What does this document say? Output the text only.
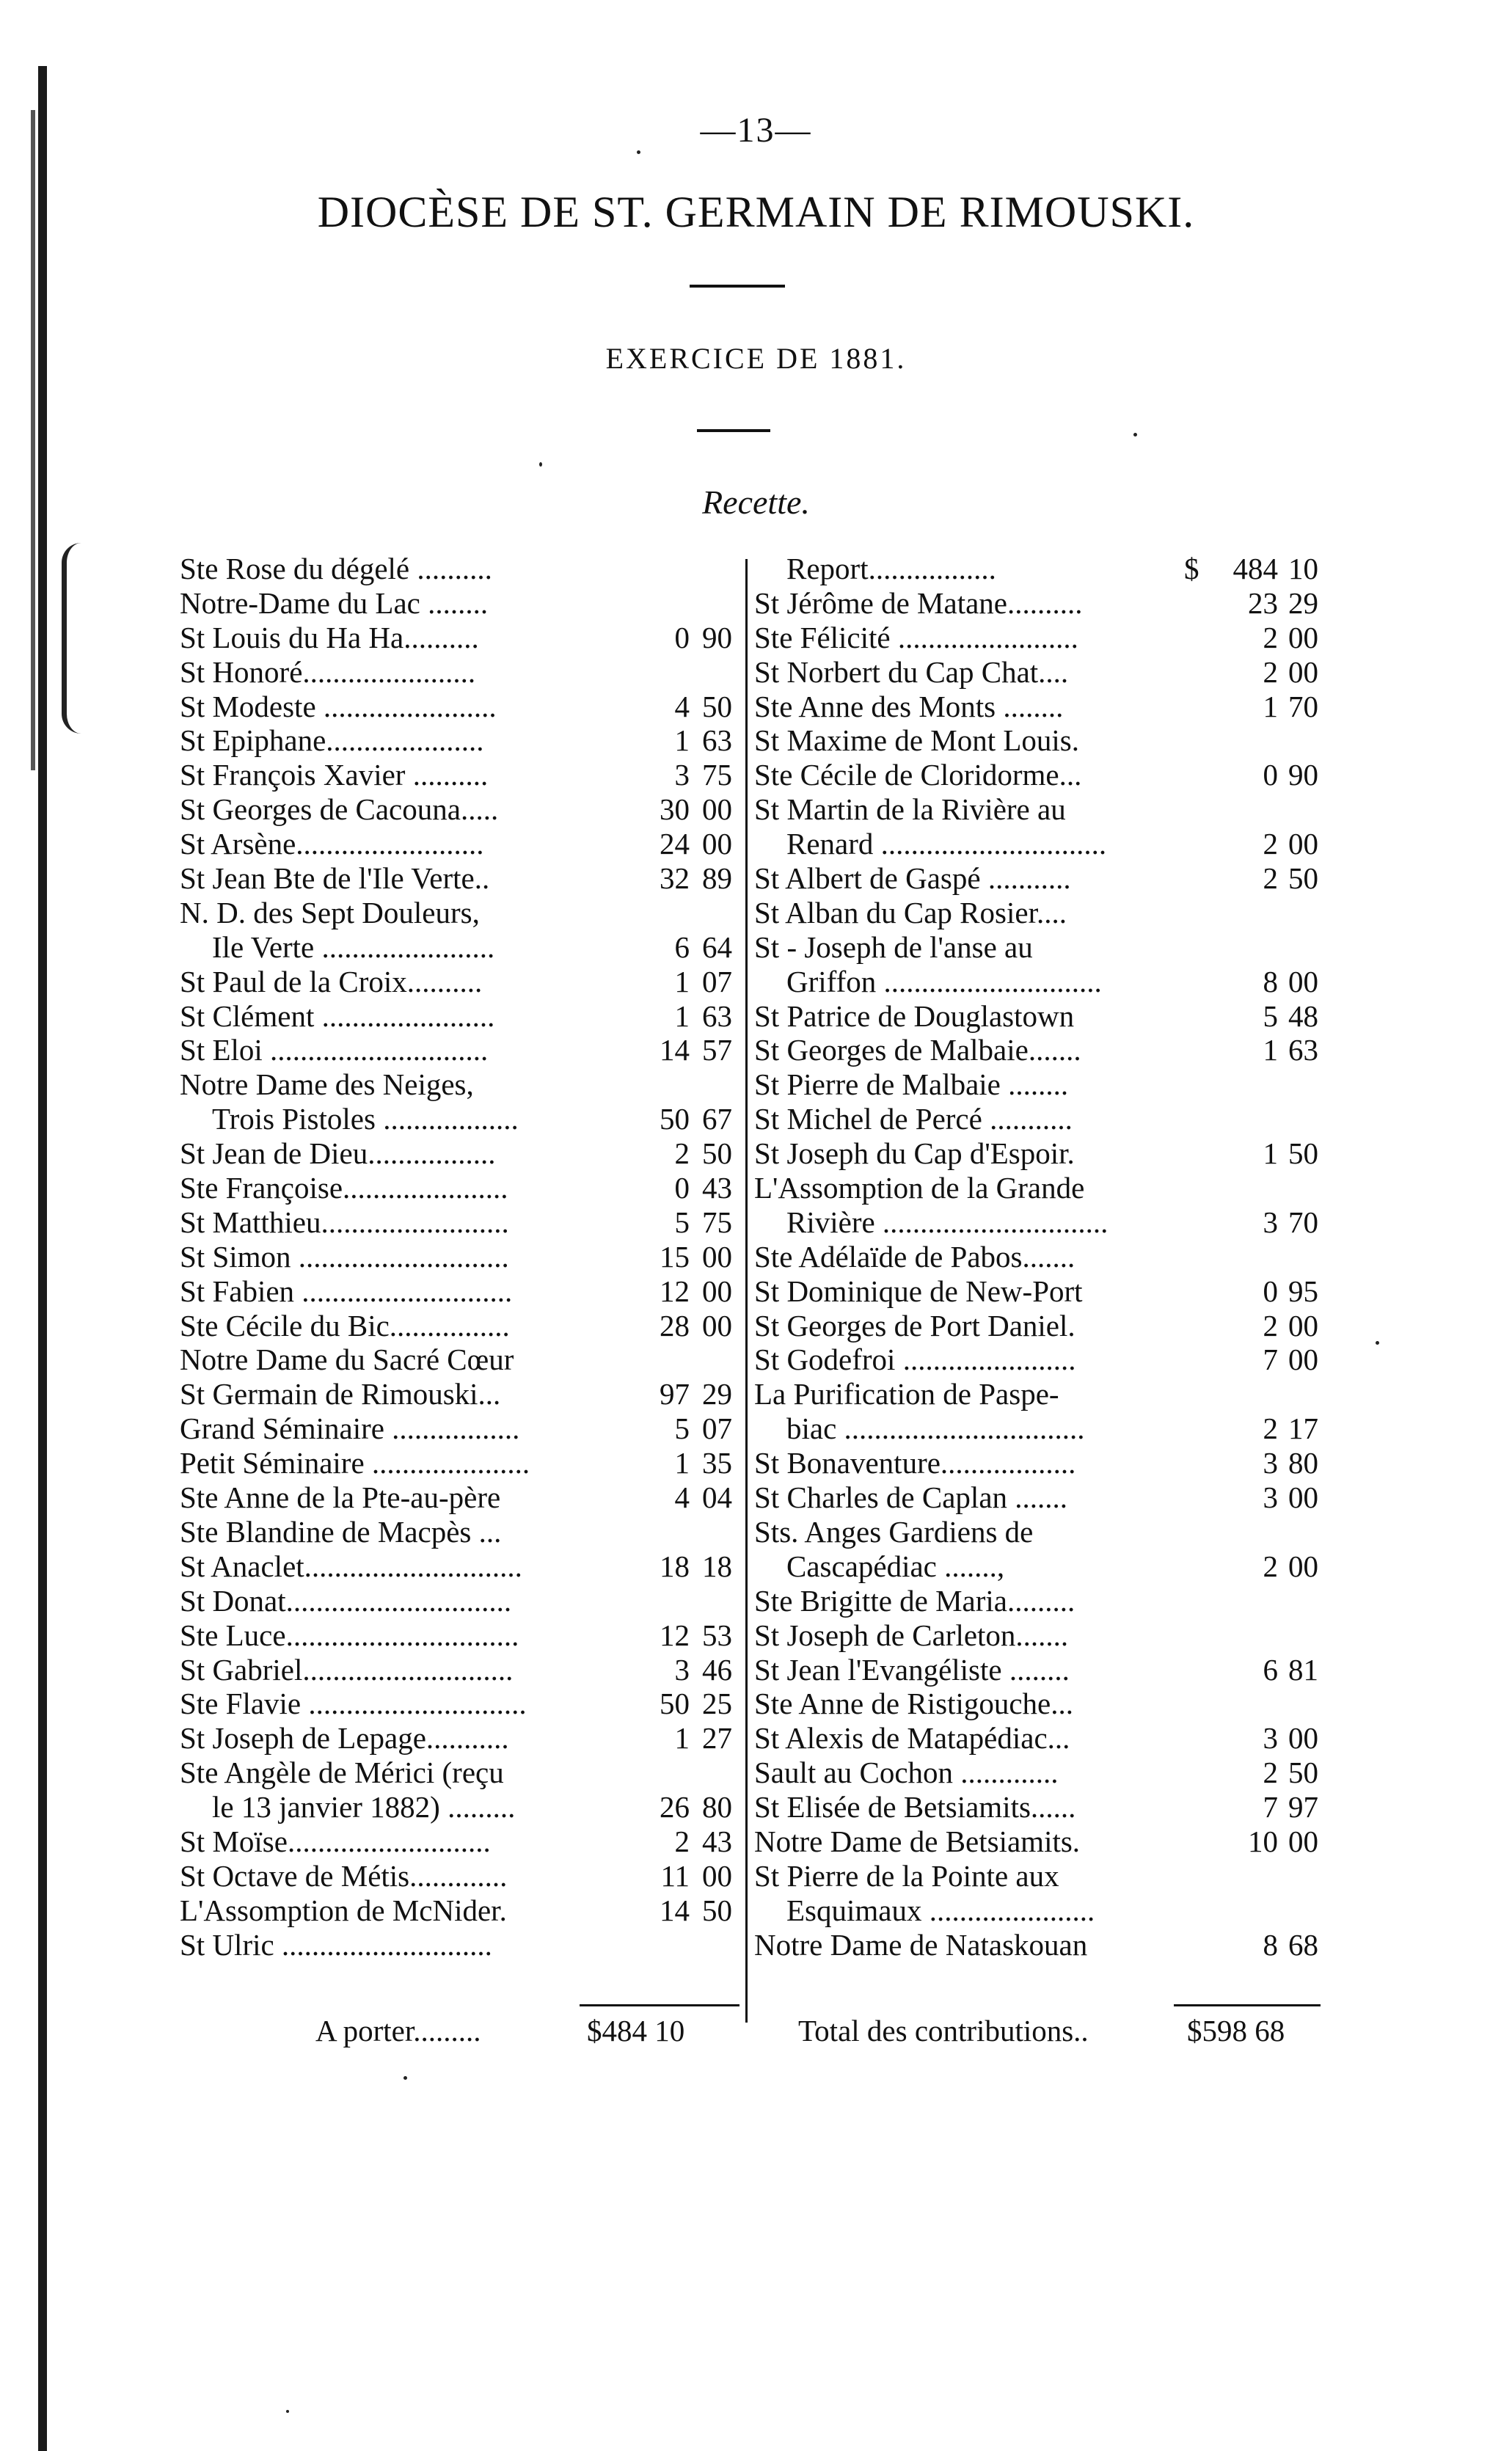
—13—
DIOCÈSE DE ST. GERMAIN DE RIMOUSKI.
EXERCICE DE 1881.
Recette.
Ste Rose du dégelé ..........
Notre-Dame du Lac ........
St Louis du Ha Ha..........	0 90
St Honoré.......................
St Modeste .......................	4 50
St Epiphane.....................	1 63
St François Xavier ..........	3 75
St Georges de Cacouna.....	30 00
St Arsène.........................	24 00
St Jean Bte de l'Ile Verte..	32 89
N. D. des Sept Douleurs,
Ile Verte .......................	6 64
St Paul de la Croix..........	1 07
St Clément .......................	1 63
St Eloi .............................	14 57
Notre Dame des Neiges,
Trois Pistoles ..................	50 67
St Jean de Dieu.................	2 50
Ste Françoise......................	0 43
St Matthieu.........................	5 75
St Simon ............................	15 00
St Fabien ............................	12 00
Ste Cécile du Bic................	28 00
Notre Dame du Sacré Cœur
St Germain de Rimouski...	97 29
Grand Séminaire .................	5 07
Petit Séminaire .....................	1 35
Ste Anne de la Pte-au-père	4 04
Ste Blandine de Macpès ...
St Anaclet.............................	18 18
St Donat..............................
Ste Luce...............................	12 53
St Gabriel............................	3 46
Ste Flavie .............................	50 25
St Joseph de Lepage...........	1 27
Ste Angèle de Mérici (reçu
le 13 janvier 1882) .........	26 80
St Moïse...........................	2 43
St Octave de Métis.............	11 00
L'Assomption de McNider.	14 50
St Ulric ............................
Report.................	$ 484 10
St Jérôme de Matane..........	23 29
Ste Félicité ........................	2 00
St Norbert du Cap Chat....	2 00
Ste Anne des Monts ........	1 70
St Maxime de Mont Louis.
Ste Cécile de Cloridorme...	0 90
St Martin de la Rivière au
Renard ..............................	2 00
St Albert de Gaspé ...........	2 50
St Alban du Cap Rosier....
St - Joseph de l'anse au
Griffon .............................	8 00
St Patrice de Douglastown	5 48
St Georges de Malbaie.......	1 63
St Pierre de Malbaie ........
St Michel de Percé ...........
St Joseph du Cap d'Espoir.	1 50
L'Assomption de la Grande
Rivière ..............................	3 70
Ste Adélaïde de Pabos.......
St Dominique de New-Port	0 95
St Georges de Port Daniel.	2 00
St Godefroi .......................	7 00
La Purification de Paspe-
biac ................................	2 17
St Bonaventure..................	3 80
St Charles de Caplan .......	3 00
Sts. Anges Gardiens de
Cascapédiac .......,	2 00
Ste Brigitte de Maria.........
St Joseph de Carleton.......
St Jean l'Evangéliste ........	6 81
Ste Anne de Ristigouche...
St Alexis de Matapédiac...	3 00
Sault au Cochon .............	2 50
St Elisée de Betsiamits......	7 97
Notre Dame de Betsiamits.	10 00
St Pierre de la Pointe aux
Esquimaux ......................
Notre Dame de Nataskouan	8 68
A porter.........	$484 10	Total des contributions..	$598 68
